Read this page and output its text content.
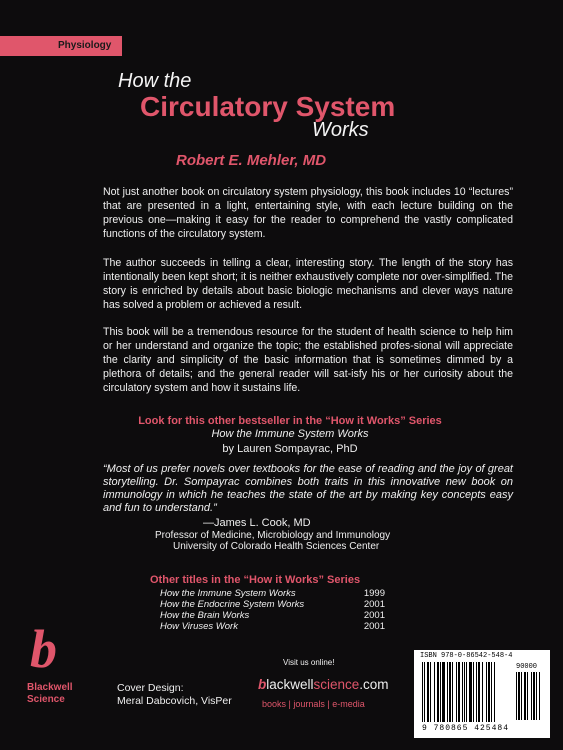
Physiology
How the
Circulatory System
Works
Robert E. Mehler, MD

Not just another book on circulatory system physiology, this book includes 10 “lectures” that are presented in a light, entertaining style, with each lecture building on the previous one—making it easy for the reader to comprehend the vastly complicated functions of the circulatory system.

The author succeeds in telling a clear, interesting story. The length of the story has intentionally been kept short; it is neither exhaustively complete nor over-simplified. The story is enriched by details about basic biologic mechanisms and clever ways nature has solved a problem or achieved a result.

This book will be a tremendous resource for the student of health science to help him or her understand and organize the topic; the established profes-sional will appreciate the clarity and simplicity of the basic information that is sometimes dimmed by a plethora of details; and the general reader will sat-isfy his or her curiosity about the circulatory system and how it sustains life.

Look for this other bestseller in the “How it Works” Series
How the Immune System Works
by Lauren Sompayrac, PhD

“Most of us prefer novels over textbooks for the ease of reading and the joy of great storytelling. Dr. Sompayrac combines both traits in this innovative new book on immunology in which he teaches the state of the art by making key concepts easy and fun to understand.”

—James L. Cook, MD
Professor of Medicine, Microbiology and Immunology
University of Colorado Health Sciences Center
Other titles in the “How it Works” Series
How the Immune System Works	1999
How the Endocrine System Works	2001
How the Brain Works	2001
How Viruses Work	2001
b
Blackwell
Science
Cover Design:
Meral Dabcovich, VisPer
Visit us online!
blackwellscience.com
books | journals | e-media
ISBN 978-0-86542-548-4
90000
9 780865 425484
